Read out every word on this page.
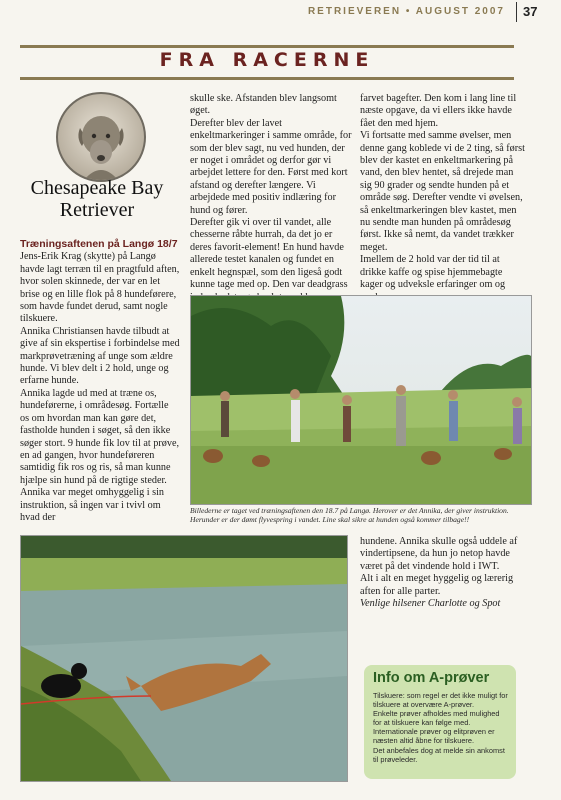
RETRIEVEREN • AUGUST 2007 37
FRA RACERNE
Chesapeake Bay
Retriever

Træningsaftenen på Langø 18/7

Jens-Erik Krag (skytte) på Langø havde lagt terræn til en pragtfuld aften, hvor solen skinnede, der var en let brise og en lille flok på 8 hundeførere, som havde fundet derud, samt nogle tilskuere.

Annika Christiansen havde tilbudt at give af sin ekspertise i forbindelse med markprøvetræning af unge som ældre hunde. Vi blev delt i 2 hold, unge og erfarne hunde.

Annika lagde ud med at træne os, hundeførerne, i områdesøg. Fortælle os om hvordan man kan gøre det, fastholde hunden i søget, så den ikke søger stort. 9 hunde fik lov til at prøve, en ad gangen, hvor hundeføreren samtidig fik ros og ris, så man kunne hjælpe sin hund på de rigtige steder. Annika var meget omhyggelig i sin instruktion, så ingen var i tvivl om hvad der

skulle ske. Afstanden blev langsomt øget.

Derefter blev der lavet enkeltmarkeringer i samme område, for som der blev sagt, nu ved hunden, der er noget i området og derfor gør vi arbejdet lettere for den. Først med kort afstand og derefter længere. Vi arbejdede med positiv indlæring for hund og fører.

Derefter gik vi over til vandet, alle chesserne råbte hurrah, da det jo er deres favorit-element! En hund havde allerede testet kanalen og fundet en enkelt hegnspæl, som den ligeså godt kunne tage med op. Den var deadgrass

farvet bagefter. Den kom i lang line til næste opgave, da vi ellers ikke havde fået den med hjem.

Vi fortsatte med samme øvelser, men denne gang koblede vi de 2 ting, så først blev der kastet en enkeltmarkering på vand, den blev hentet, så drejede man sig 90 grader og sendte hunden på et område søg. Derefter vendte vi øvelsen, så enkeltmarkeringen blev kastet, men nu sendte man hunden på områdesøg først. Ikke så nemt, da vandet trækker meget.

Imellem de 2 hold var der tid til at drikke kaffe og spise hjemmebagte kager og udveksle erfaringer om og

Billederne er taget ved træningsaftenen den 18.7 på Langø. Herover er det Annika, der giver instruktion. Herunder er der dømt flyvespring i vandet. Line skal sikre at hunden også kommer tilbage!!

hundene. Annika skulle også uddele af vindertipsene, da hun jo netop havde været på det vindende hold i IWT.

Alt i alt en meget hyggelig og lærerig aften for alle parter.

Venlige hilsener Charlotte og Spot

Info om A-prøver

Tilskuere: som regel er det ikke muligt for tilskuere at overvære A-prøver.

Enkelte prøver afholdes med mulighed for at tilskuere kan følge med. Internationale prøver og elitprøven er næsten altid åbne for tilskuere.

Det anbefales dog at melde sin ankomst til prøveleder.
